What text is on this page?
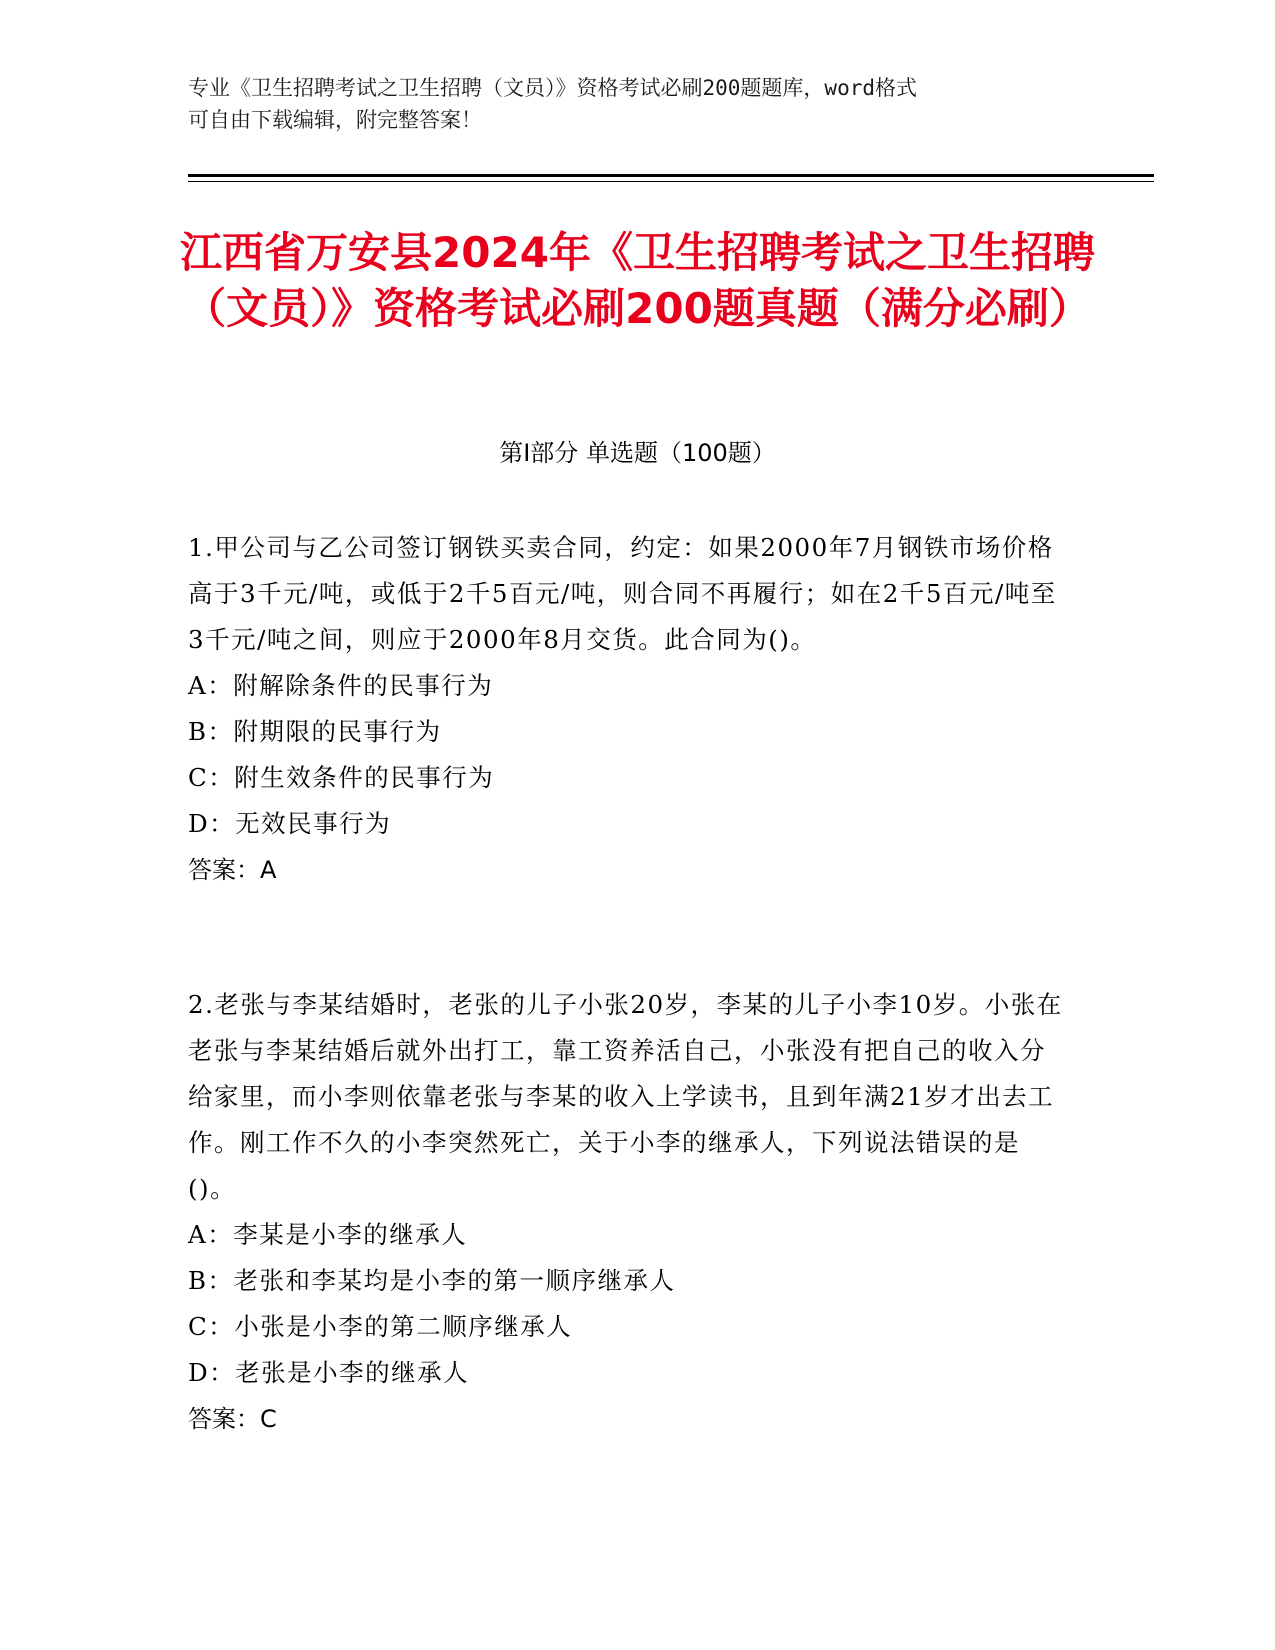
专业《卫生招聘考试之卫生招聘（文员）》资格考试必刷200题题库，word格式
可自由下载编辑，附完整答案！
江西省万安县2024年《卫生招聘考试之卫生招聘（文员）》资格考试必刷200题真题（满分必刷）
第Ⅰ部分 单选题（100题）
1.甲公司与乙公司签订钢铁买卖合同，约定：如果2000年7月钢铁市场价格高于3千元/吨，或低于2千5百元/吨，则合同不再履行；如在2千5百元/吨至3千元/吨之间，则应于2000年8月交货。此合同为()。
A：附解除条件的民事行为
B：附期限的民事行为
C：附生效条件的民事行为
D：无效民事行为
答案：A
2.老张与李某结婚时，老张的儿子小张20岁，李某的儿子小李10岁。小张在老张与李某结婚后就外出打工，靠工资养活自己，小张没有把自己的收入分给家里，而小李则依靠老张与李某的收入上学读书，且到年满21岁才出去工作。刚工作不久的小李突然死亡，关于小李的继承人，下列说法错误的是()。
A：李某是小李的继承人
B：老张和李某均是小李的第一顺序继承人
C：小张是小李的第二顺序继承人
D：老张是小李的继承人
答案：C
